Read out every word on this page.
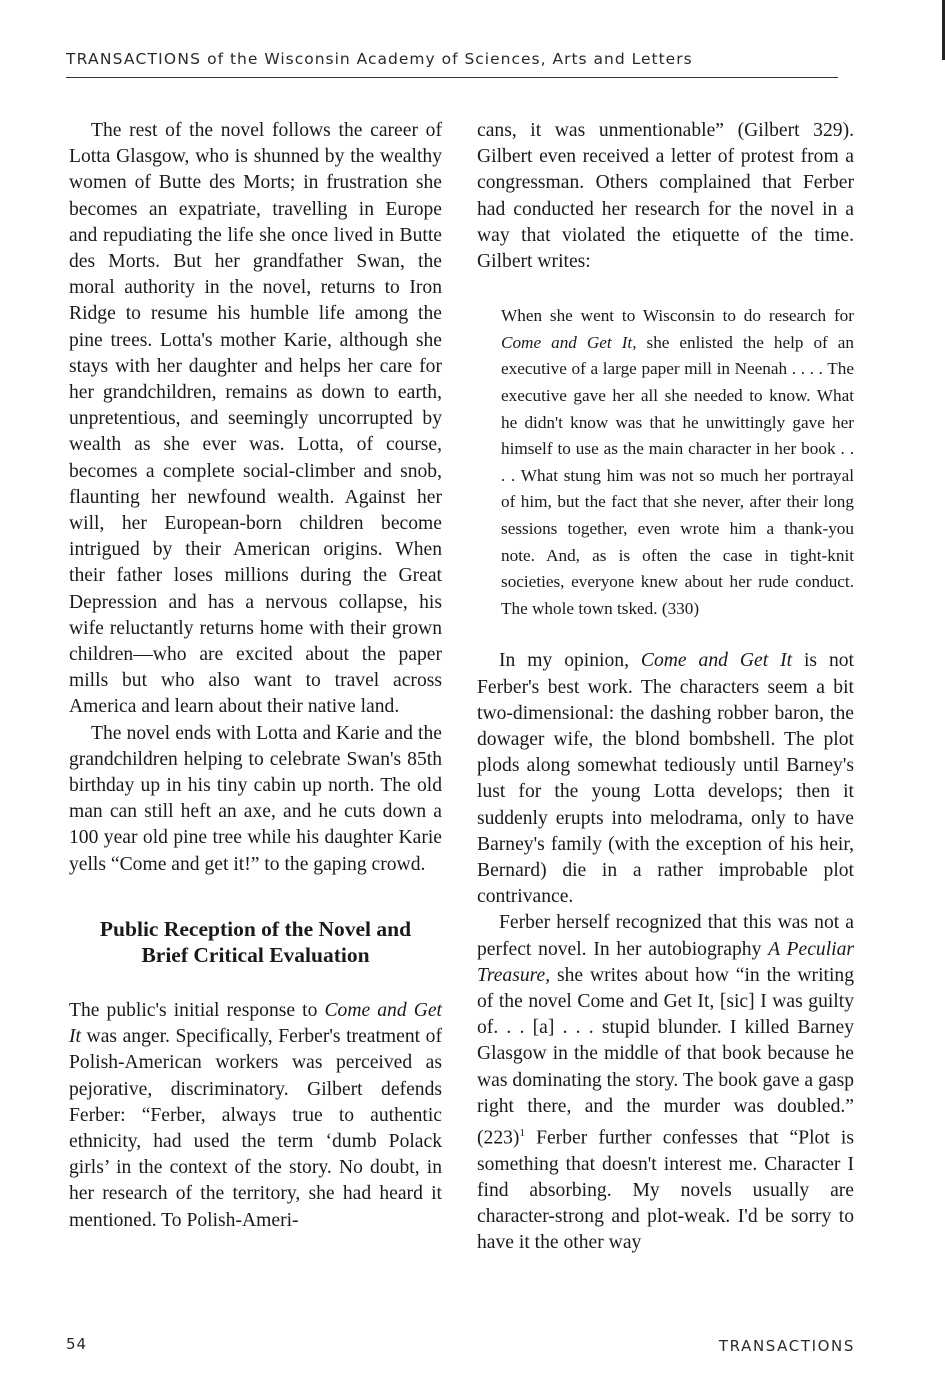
TRANSACTIONS of the Wisconsin Academy of Sciences, Arts and Letters

The rest of the novel follows the career of Lotta Glasgow, who is shunned by the wealthy women of Butte des Morts; in frustration she becomes an expatriate, travelling in Europe and repudiating the life she once lived in Butte des Morts. But her grandfather Swan, the moral authority in the novel, returns to Iron Ridge to resume his humble life among the pine trees. Lotta's mother Karie, although she stays with her daughter and helps her care for her grandchildren, remains as down to earth, unpretentious, and seemingly uncorrupted by wealth as she ever was. Lotta, of course, becomes a complete social-climber and snob, flaunting her newfound wealth. Against her will, her European-born children become intrigued by their American origins. When their father loses millions during the Great Depression and has a nervous collapse, his wife reluctantly returns home with their grown children—who are excited about the paper mills but who also want to travel across America and learn about their native land.

The novel ends with Lotta and Karie and the grandchildren helping to celebrate Swan's 85th birthday up in his tiny cabin up north. The old man can still heft an axe, and he cuts down a 100 year old pine tree while his daughter Karie yells “Come and get it!” to the gaping crowd.

Public Reception of the Novel and
Brief Critical Evaluation

The public's initial response to Come and Get It was anger. Specifically, Ferber's treatment of Polish-American workers was perceived as pejorative, discriminatory. Gilbert defends Ferber: “Ferber, always true to authentic ethnicity, had used the term ‘dumb Polack girls’ in the context of the story. No doubt, in her research of the territory, she had heard it mentioned. To Polish-Ameri-

cans, it was unmentionable” (Gilbert 329). Gilbert even received a letter of protest from a congressman. Others complained that Ferber had conducted her research for the novel in a way that violated the etiquette of the time. Gilbert writes:

When she went to Wisconsin to do research for Come and Get It, she enlisted the help of an executive of a large paper mill in Neenah . . . . The executive gave her all she needed to know. What he didn't know was that he unwittingly gave her himself to use as the main character in her book . . . . What stung him was not so much her portrayal of him, but the fact that she never, after their long sessions together, even wrote him a thank-you note. And, as is often the case in tight-knit societies, everyone knew about her rude conduct. The whole town tsked. (330)

In my opinion, Come and Get It is not Ferber's best work. The characters seem a bit two-dimensional: the dashing robber baron, the dowager wife, the blond bombshell. The plot plods along somewhat tediously until Barney's lust for the young Lotta develops; then it suddenly erupts into melodrama, only to have Barney's family (with the exception of his heir, Bernard) die in a rather improbable plot contrivance.

Ferber herself recognized that this was not a perfect novel. In her autobiography A Peculiar Treasure, she writes about how “in the writing of the novel Come and Get It, [sic] I was guilty of. . . [a] . . . stupid blunder. I killed Barney Glasgow in the middle of that book because he was dominating the story. The book gave a gasp right there, and the murder was doubled.” $(223)^1$ Ferber further confesses that “Plot is something that doesn't interest me. Character I find absorbing. My novels usually are character-strong and plot-weak. I'd be sorry to have it the other way

54	TRANSACTIONS
